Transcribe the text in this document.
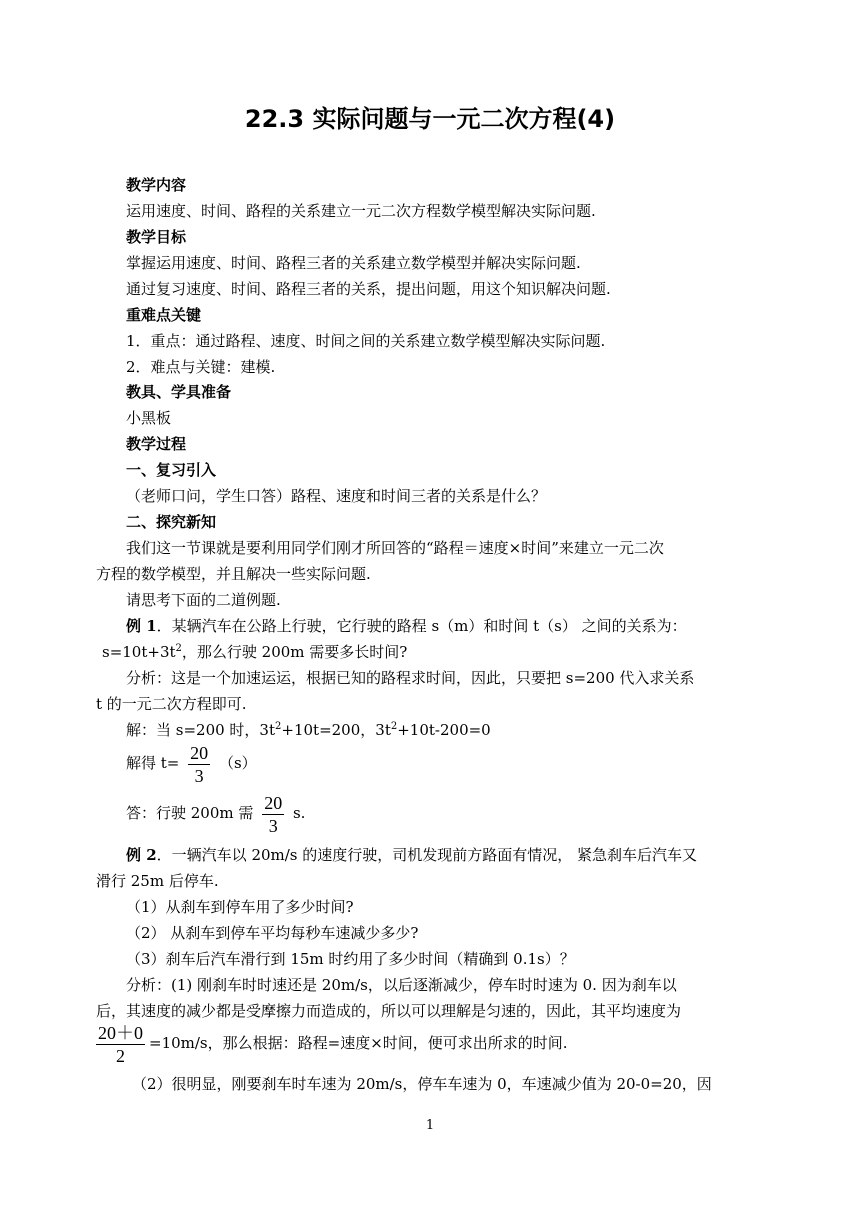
22.3 实际问题与一元二次方程(4)
教学内容
运用速度、时间、路程的关系建立一元二次方程数学模型解决实际问题.
教学目标
掌握运用速度、时间、路程三者的关系建立数学模型并解决实际问题.
通过复习速度、时间、路程三者的关系，提出问题，用这个知识解决问题.
重难点关键
1．重点：通过路程、速度、时间之间的关系建立数学模型解决实际问题.
2．难点与关键：建模.
教具、学具准备
小黑板
教学过程
一、复习引入
（老师口问，学生口答）路程、速度和时间三者的关系是什么？
二、探究新知
我们这一节课就是要利用同学们刚才所回答的“路程＝速度×时间”来建立一元二次
方程的数学模型，并且解决一些实际问题.
请思考下面的二道例题.
例 1．某辆汽车在公路上行驶，它行驶的路程 s（m）和时间 t（s） 之间的关系为：
$s=10t+3t^2$，那么行驶 200m 需要多长时间?
分析：这是一个加速运运，根据已知的路程求时间，因此，只要把 s=200 代入求关系
t 的一元二次方程即可.
解：当 s=200 时，$3t^2+10t=200$，$3t^2+10t-200=0$
解得 $t= \frac{20}{3} (s)$
答：行驶 200m 需 $\frac{20}{3} s$.
例 2．一辆汽车以 20m/s 的速度行驶，司机发现前方路面有情况， 紧急刹车后汽车又
滑行 25m 后停车.
（1）从刹车到停车用了多少时间?
（2） 从刹车到停车平均每秒车速减少多少?
（3）刹车后汽车滑行到 15m 时约用了多少时间（精确到 0.1s）？
分析：(1) 刚刹车时时速还是 20m/s，以后逐渐减少，停车时时速为 0. 因为刹车以
后，其速度的减少都是受摩擦力而造成的，所以可以理解是匀速的，因此，其平均速度为
$\frac{20+0}{2} =10m/s$，那么根据：路程=速度×时间，便可求出所求的时间.
（2）很明显，刚要刹车时车速为 20m/s，停车车速为 0，车速减少值为 20-0=20，因
1
